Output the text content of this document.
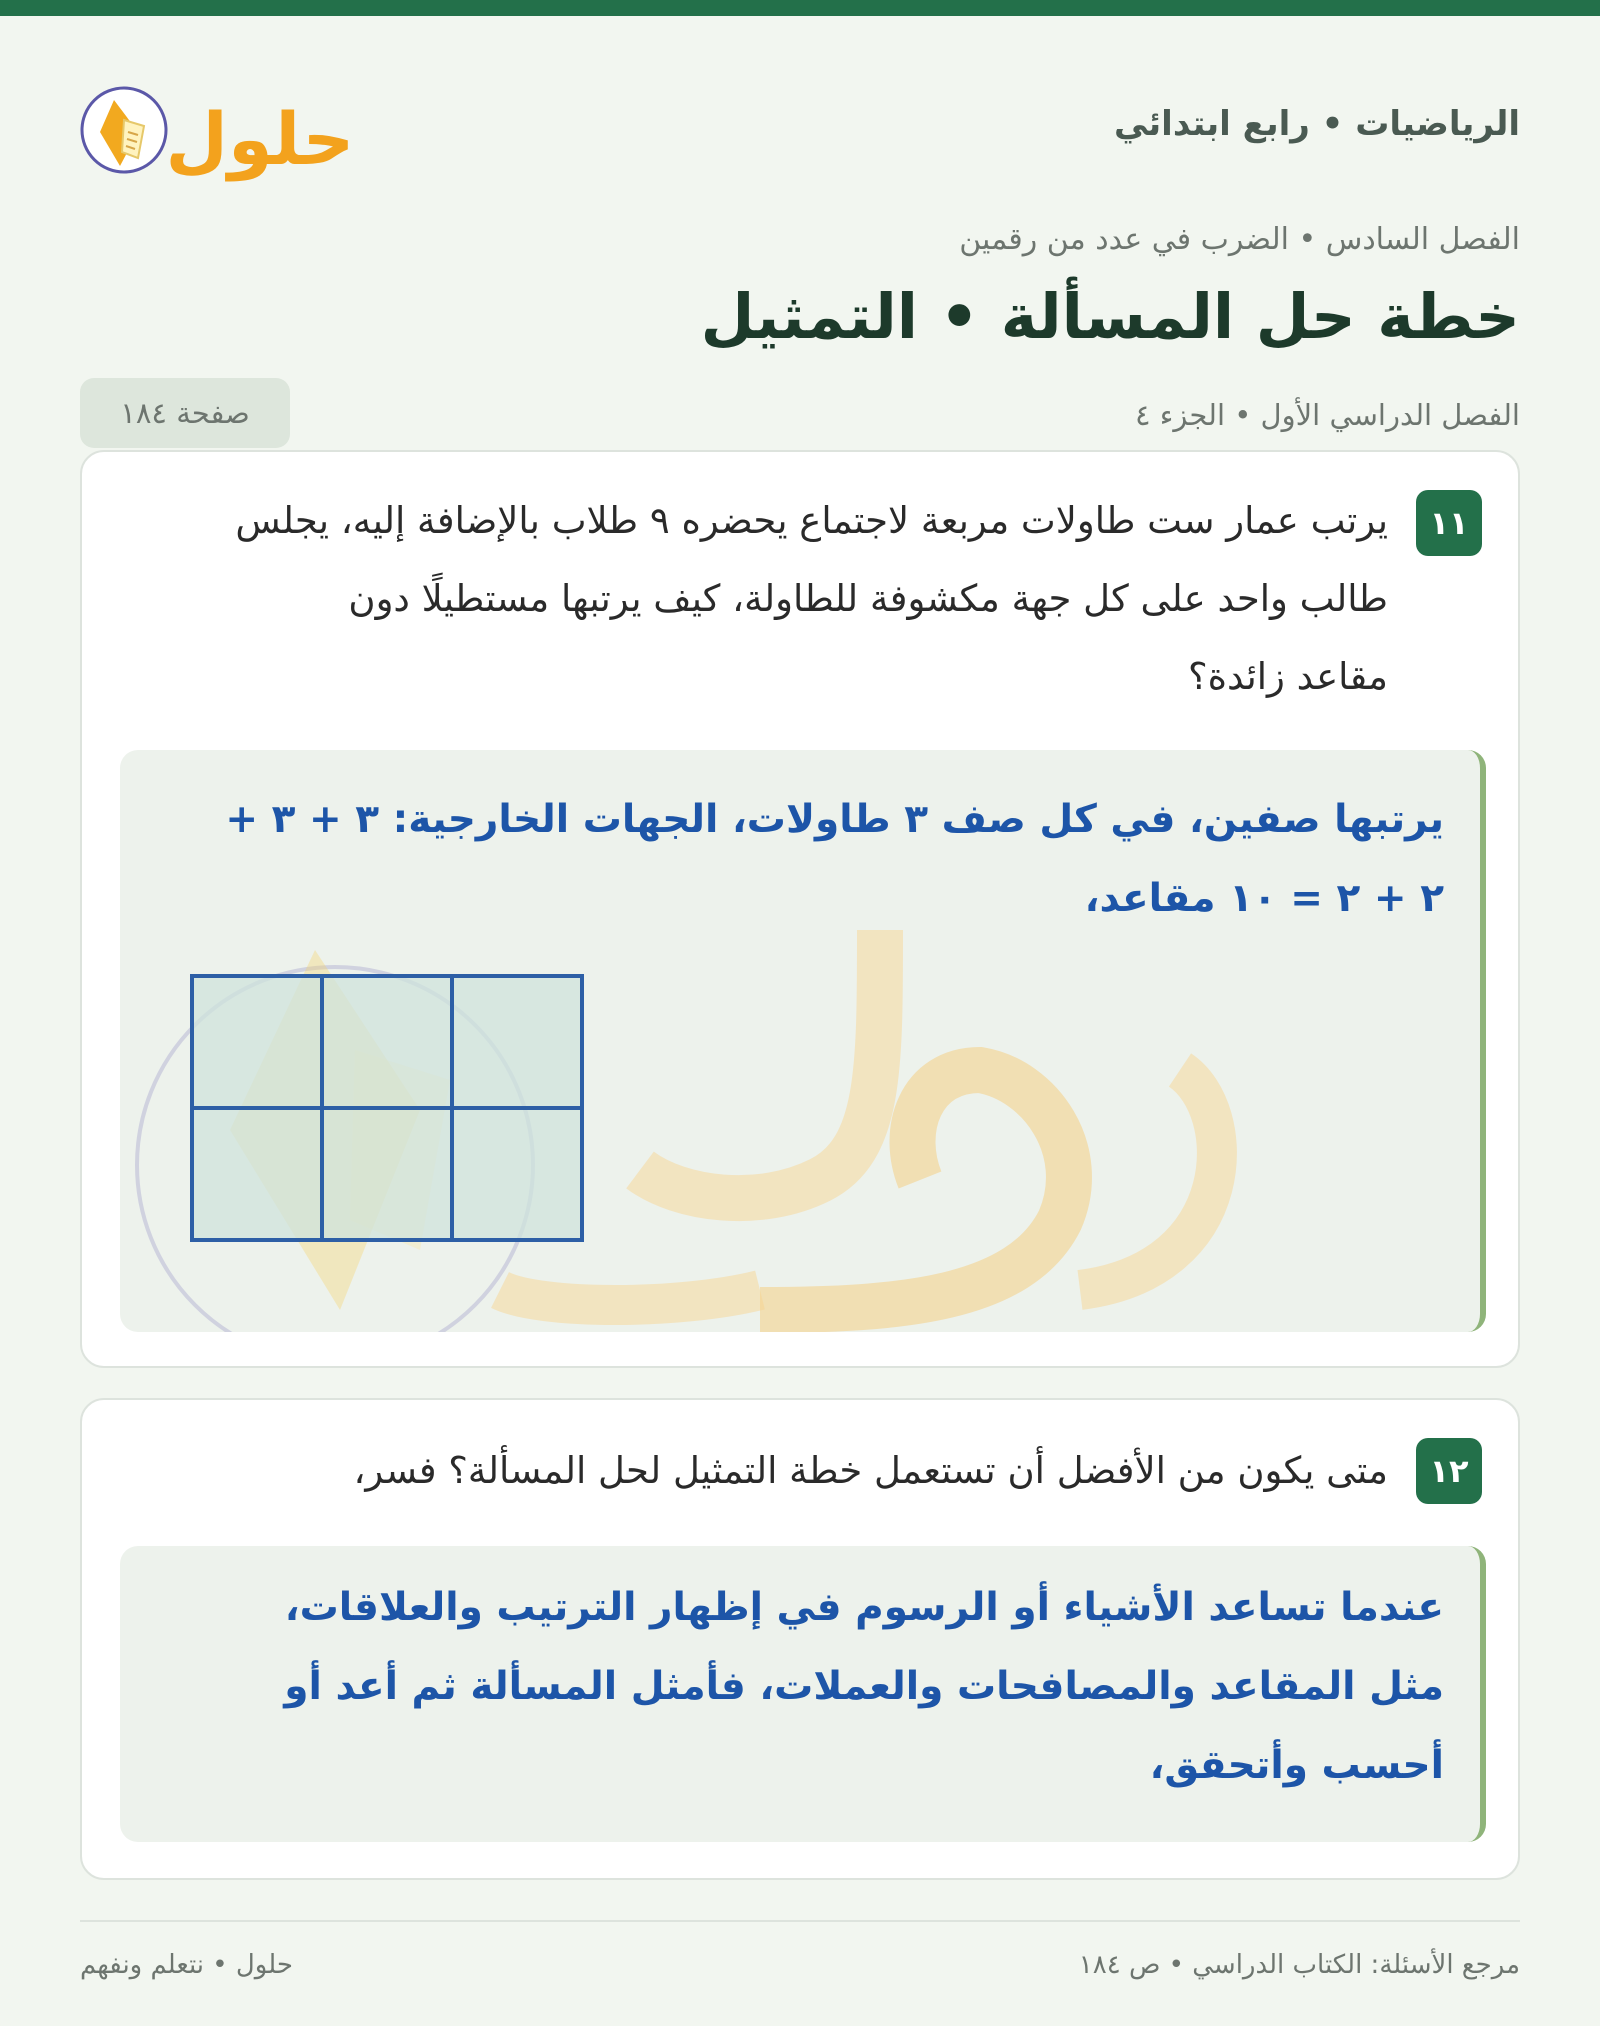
الرياضيات • رابع ابتدائي
حلول
الفصل السادس • الضرب في عدد من رقمين
خطة حل المسألة • التمثيل
الفصل الدراسي الأول • الجزء ٤
صفحة ١٨٤
١١
يرتب عمار ست طاولات مربعة لاجتماع يحضره ٩ طلاب بالإضافة إليه، يجلس
طالب واحد على كل جهة مكشوفة للطاولة، كيف يرتبها مستطيلًا دون
مقاعد زائدة؟
يرتبها صفين، في كل صف ٣ طاولات، الجهات الخارجية: ٣ + ٣ +
٢ + ٢ = ١٠ مقاعد،
١٢
متى يكون من الأفضل أن تستعمل خطة التمثيل لحل المسألة؟ فسر،
عندما تساعد الأشياء أو الرسوم في إظهار الترتيب والعلاقات،
مثل المقاعد والمصافحات والعملات، فأمثل المسألة ثم أعد أو
أحسب وأتحقق،
مرجع الأسئلة: الكتاب الدراسي • ص ١٨٤
حلول • نتعلم ونفهم
